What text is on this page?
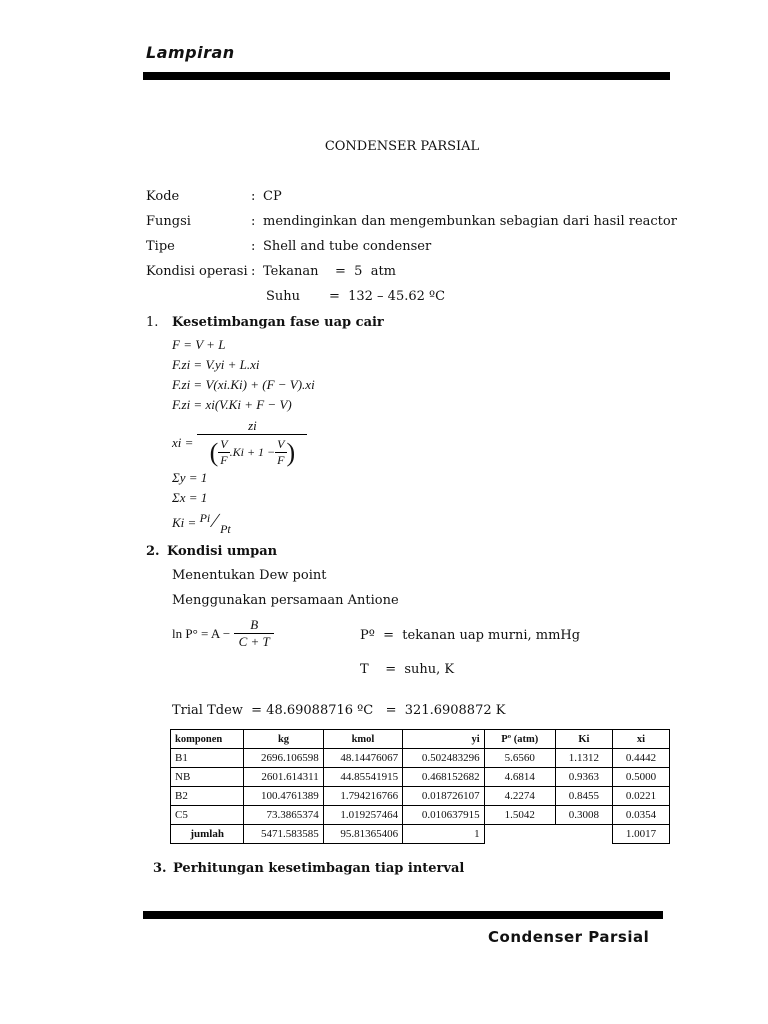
Lampiran
CONDENSER PARSIAL
Kode	: CP
Fungsi	: mendinginkan dan mengembunkan sebagian dari hasil reactor
Tipe	: Shell and tube condenser
Kondisi operasi : Tekanan    =  5  atm
Suhu       =  132 – 45.62 ºC
1. Kesetimbangan fase uap cair
F = V + L
F.zi = V.yi + L.xi
F.zi = V(xi.Ki) + (F − V).xi
F.zi = xi(V.Ki + F − V)
xi =
zi
( $\frac{V}{F} .Ki + 1 - \frac{V}{F}$ )
Σy = 1
Σx = 1
Ki = Pi ∕ Pt
2. Kondisi umpan
Menentukan Dew point
Menggunakan persamaan Antione
$\ln P^\circ = A - \frac{B}{C + T}$	Pº  =  tekanan uap murni, mmHg
T    =  suhu, K
Trial Tdew  = 48.69088716 ºC   =  321.6908872 K
komponen	kg	kmol	yi	Pº (atm)	Ki	xi
B1	2696.106598	48.14476067	0.502483296	5.6560	1.1312	0.4442
NB	2601.614311	44.85541915	0.468152682	4.6814	0.9363	0.5000
B2	100.4761389	1.794216766	0.018726107	4.2274	0.8455	0.0221
C5	73.3865374	1.019257464	0.010637915	1.5042	0.3008	0.0354
jumlah	5471.583585	95.81365406	1			1.0017
3. Perhitungan kesetimbagan tiap interval
Condenser Parsial
